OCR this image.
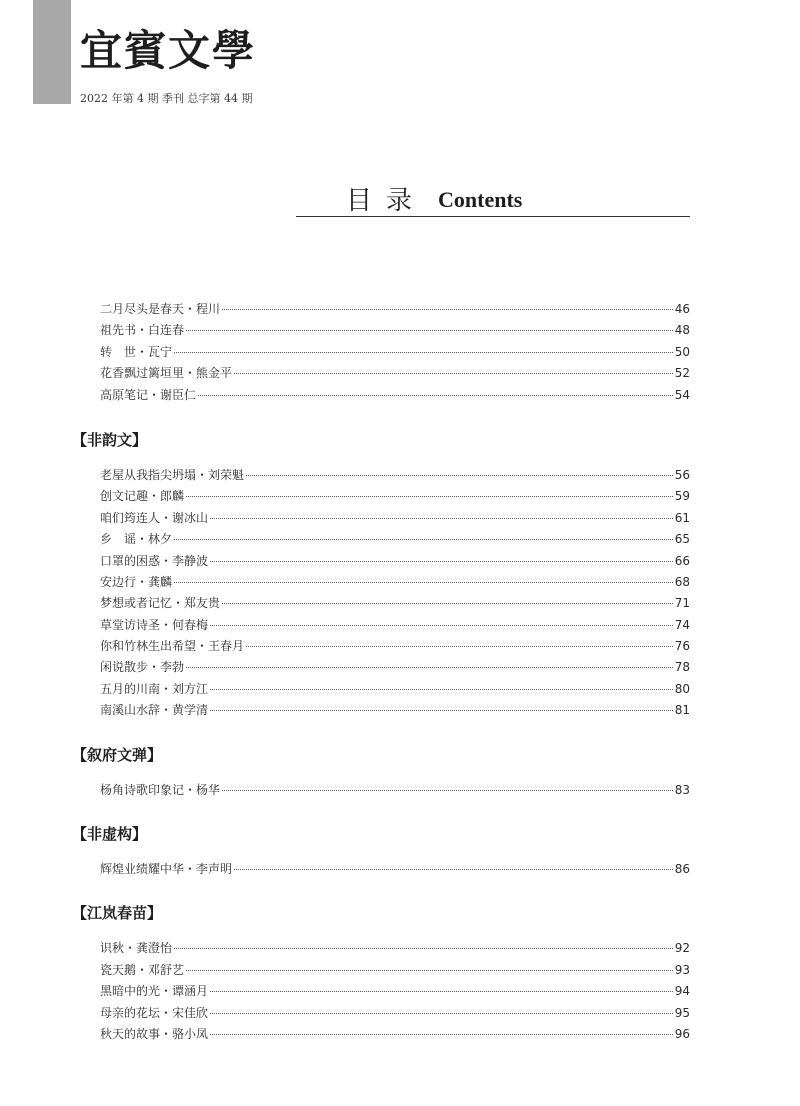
宜賓文學
2022 年第 4 期 季刊 总字第 44 期
目录 Contents
二月尽头是春天・程川	46
祖先书・白连春	48
转　世・瓦宁	50
花香飘过篱垣里・熊金平	52
高原笔记・谢臣仁	54
【非韵文】
老屋从我指尖坍塌・刘荣魁	56
创文记趣・郎麟	59
咱们筠连人・谢冰山	61
乡　谣・林夕	65
口罩的困惑・李静波	66
安边行・龚麟	68
梦想或者记忆・郑友贵	71
草堂访诗圣・何春梅	74
你和竹林生出希望・王春月	76
闲说散步・李勃	78
五月的川南・刘方江	80
南溪山水辞・黄学清	81
【叙府文弹】
杨角诗歌印象记・杨华	83
【非虚构】
辉煌业绩耀中华・李声明	86
【江岚春苗】
识秋・龚澄怡	92
瓷天鹅・邓舒艺	93
黑暗中的光・谭涵月	94
母亲的花坛・宋佳欣	95
秋天的故事・骆小凤	96
